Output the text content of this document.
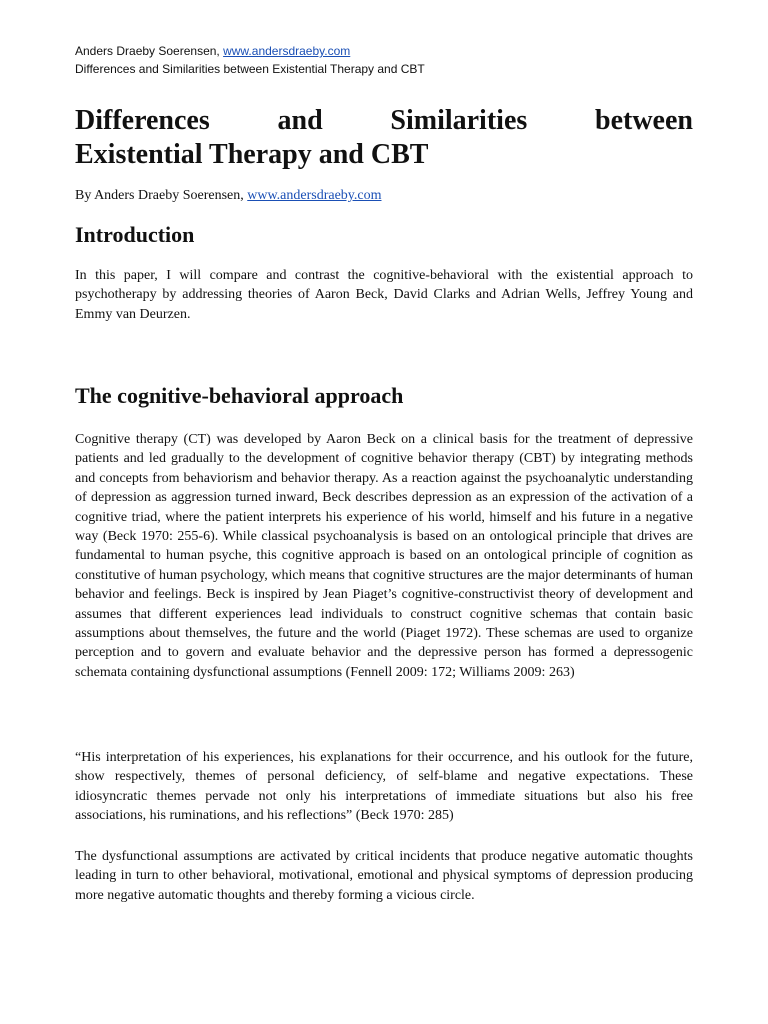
Anders Draeby Soerensen, www.andersdraeby.com
Differences and Similarities between Existential Therapy and CBT
Differences and Similarities between
Existential Therapy and CBT
By Anders Draeby Soerensen, www.andersdraeby.com
Introduction

In this paper, I will compare and contrast the cognitive-behavioral with the existential approach to psychotherapy by addressing theories of Aaron Beck, David Clarks and Adrian Wells, Jeffrey Young and Emmy van Deurzen.

The cognitive-behavioral approach

Cognitive therapy (CT) was developed by Aaron Beck on a clinical basis for the treatment of depressive patients and led gradually to the development of cognitive behavior therapy (CBT) by integrating methods and concepts from behaviorism and behavior therapy. As a reaction against the psychoanalytic understanding of depression as aggression turned inward, Beck describes depression as an expression of the activation of a cognitive triad, where the patient interprets his experience of his world, himself and his future in a negative way (Beck 1970: 255-6). While classical psychoanalysis is based on an ontological principle that drives are fundamental to human psyche, this cognitive approach is based on an ontological principle of cognition as constitutive of human psychology, which means that cognitive structures are the major determinants of human behavior and feelings. Beck is inspired by Jean Piaget’s cognitive-constructivist theory of development and assumes that different experiences lead individuals to construct cognitive schemas that contain basic assumptions about themselves, the future and the world (Piaget 1972). These schemas are used to organize perception and to govern and evaluate behavior and the depressive person has formed a depressogenic schemata containing dysfunctional assumptions (Fennell 2009: 172; Williams 2009: 263)

“His interpretation of his experiences, his explanations for their occurrence, and his outlook for the future, show respectively, themes of personal deficiency, of self-blame and negative expectations. These idiosyncratic themes pervade not only his interpretations of immediate situations but also his free associations, his ruminations, and his reflections” (Beck 1970: 285)

The dysfunctional assumptions are activated by critical incidents that produce negative automatic thoughts leading in turn to other behavioral, motivational, emotional and physical symptoms of depression producing more negative automatic thoughts and thereby forming a vicious circle.
